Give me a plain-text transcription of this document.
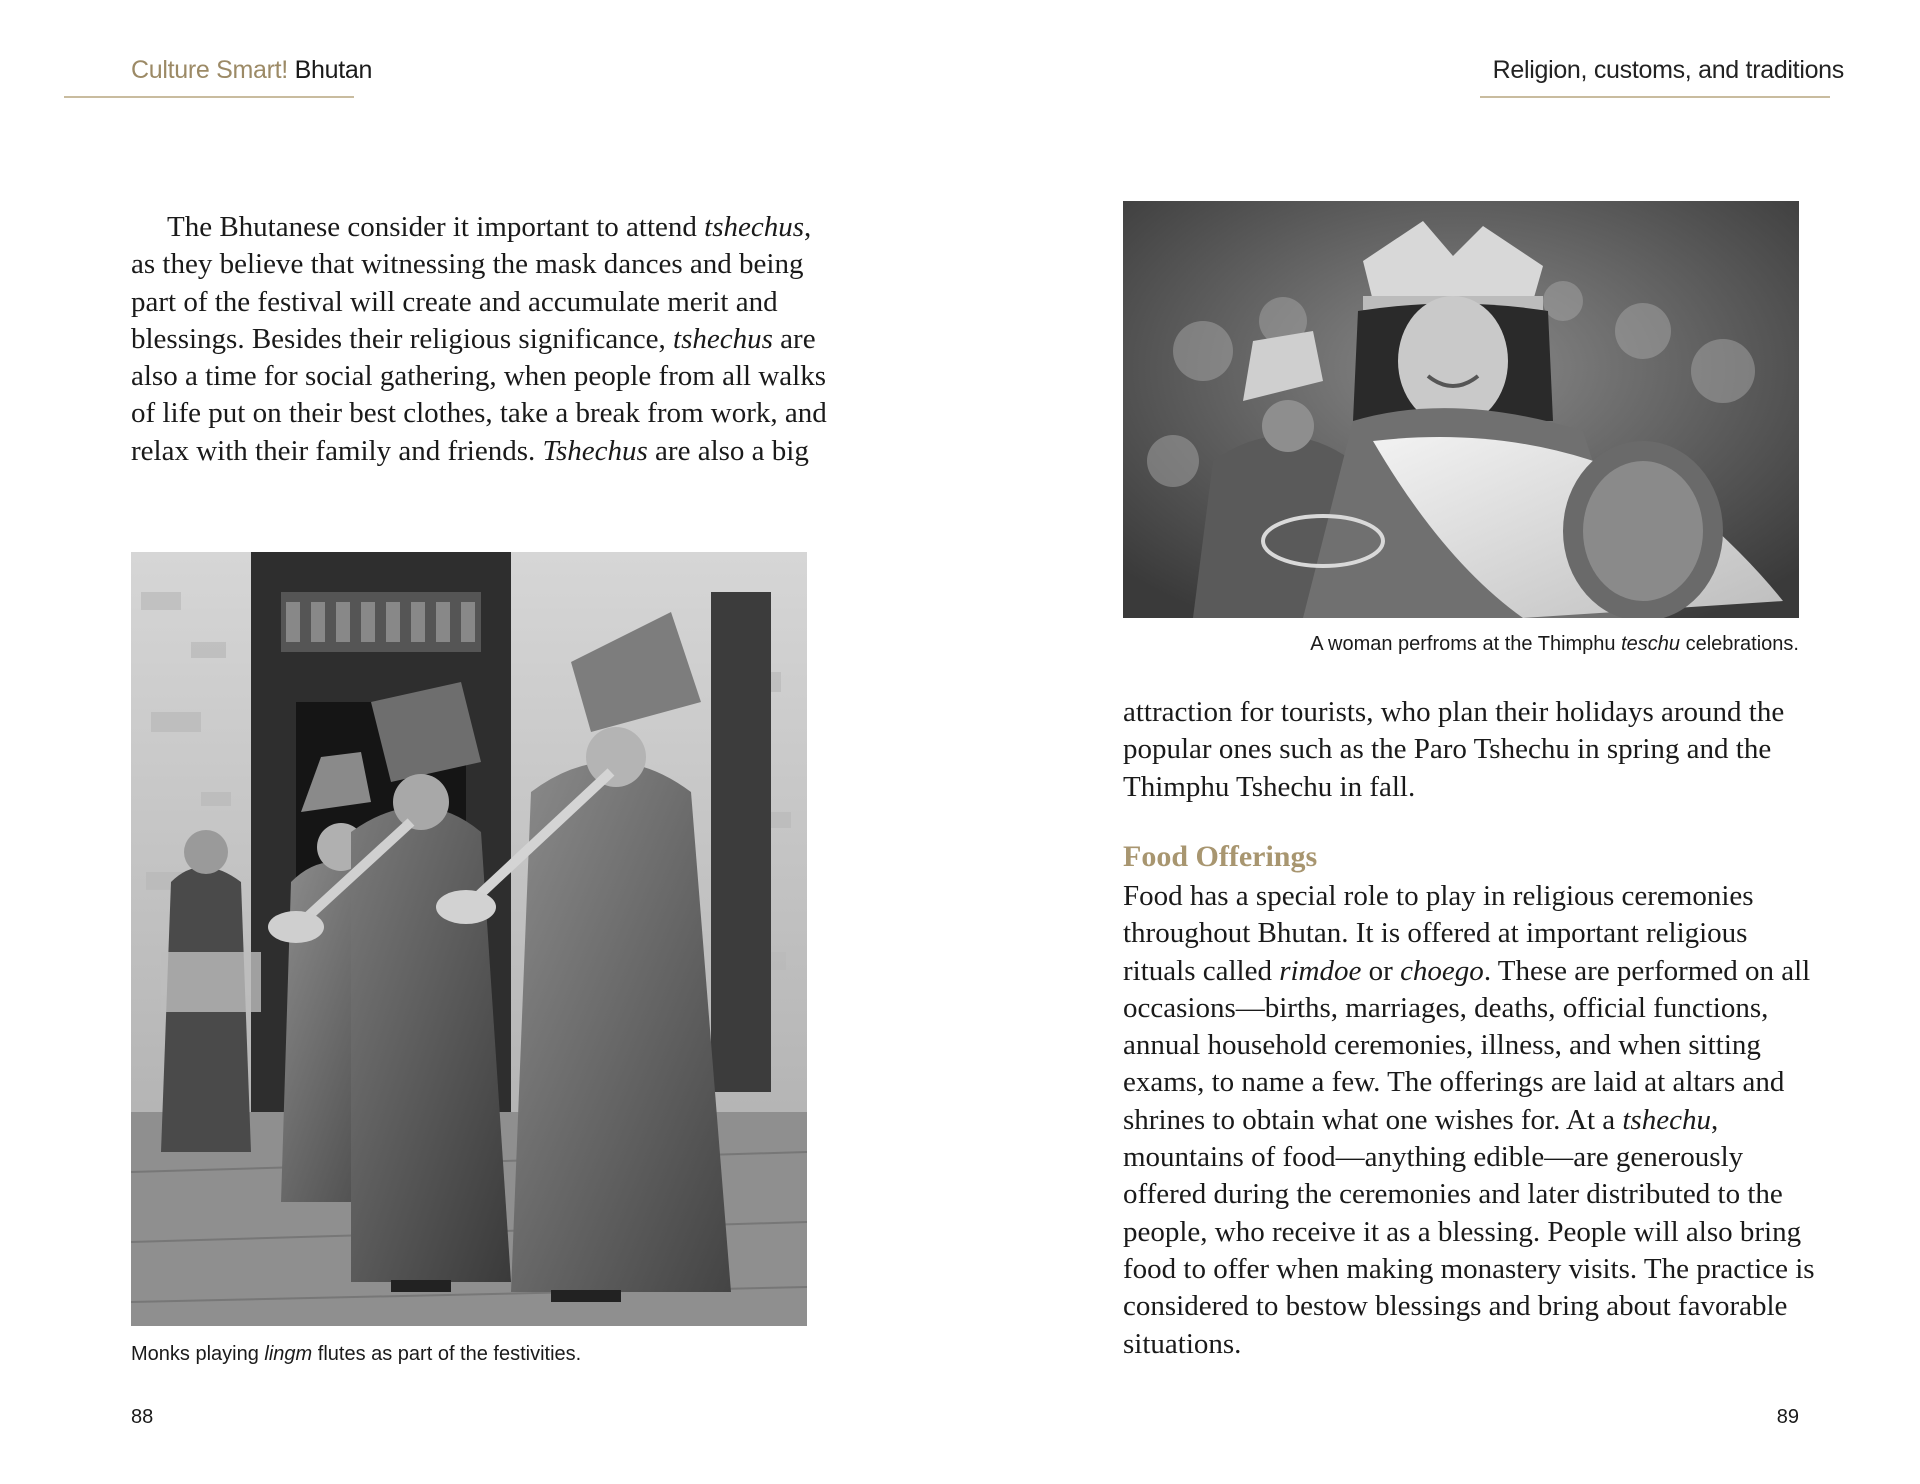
Culture Smart! Bhutan

The Bhutanese consider it important to attend tshechus, as they believe that witnessing the mask dances and being part of the festival will create and accumulate merit and blessings. Besides their religious significance, tshechus are also a time for social gathering, when people from all walks of life put on their best clothes, take a break from work, and relax with their family and friends. Tshechus are also a big

Monks playing lingm flutes as part of the festivities.
88
Religion, customs, and traditions
A woman perfroms at the Thimphu teschu celebrations.

attraction for tourists, who plan their holidays around the popular ones such as the Paro Tshechu in spring and the Thimphu Tshechu in fall.

Food Offerings

Food has a special role to play in religious ceremonies throughout Bhutan. It is offered at important religious rituals called rimdoe or choego. These are performed on all occasions—births, marriages, deaths, official functions, annual household ceremonies, illness, and when sitting exams, to name a few. The offerings are laid at altars and shrines to obtain what one wishes for. At a tshechu, mountains of food—anything edible—are generously offered during the ceremonies and later distributed to the people, who receive it as a blessing. People will also bring food to offer when making monastery visits. The practice is considered to bestow blessings and bring about favorable situations.

89
